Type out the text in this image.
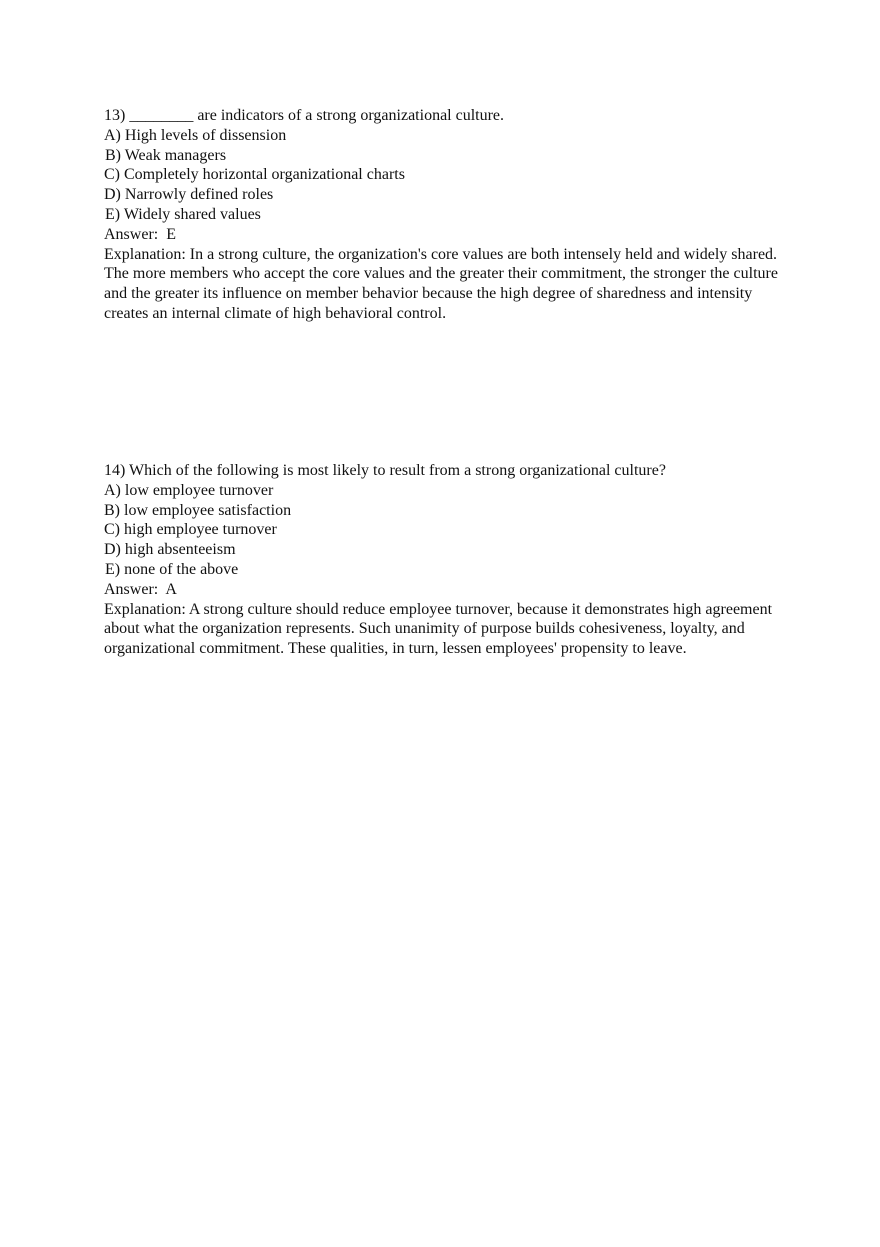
13) ________ are indicators of a strong organizational culture.
A) High levels of dissension
B) Weak managers
C) Completely horizontal organizational charts
D) Narrowly defined roles
E) Widely shared values
Answer:  E
Explanation: In a strong culture, the organization's core values are both intensely held and widely shared. The more members who accept the core values and the greater their commitment, the stronger the culture and the greater its influence on member behavior because the high degree of sharedness and intensity creates an internal climate of high behavioral control.
14) Which of the following is most likely to result from a strong organizational culture?
A) low employee turnover
B) low employee satisfaction
C) high employee turnover
D) high absenteeism
E) none of the above
Answer:  A
Explanation: A strong culture should reduce employee turnover, because it demonstrates high agreement about what the organization represents. Such unanimity of purpose builds cohesiveness, loyalty, and organizational commitment. These qualities, in turn, lessen employees' propensity to leave.
